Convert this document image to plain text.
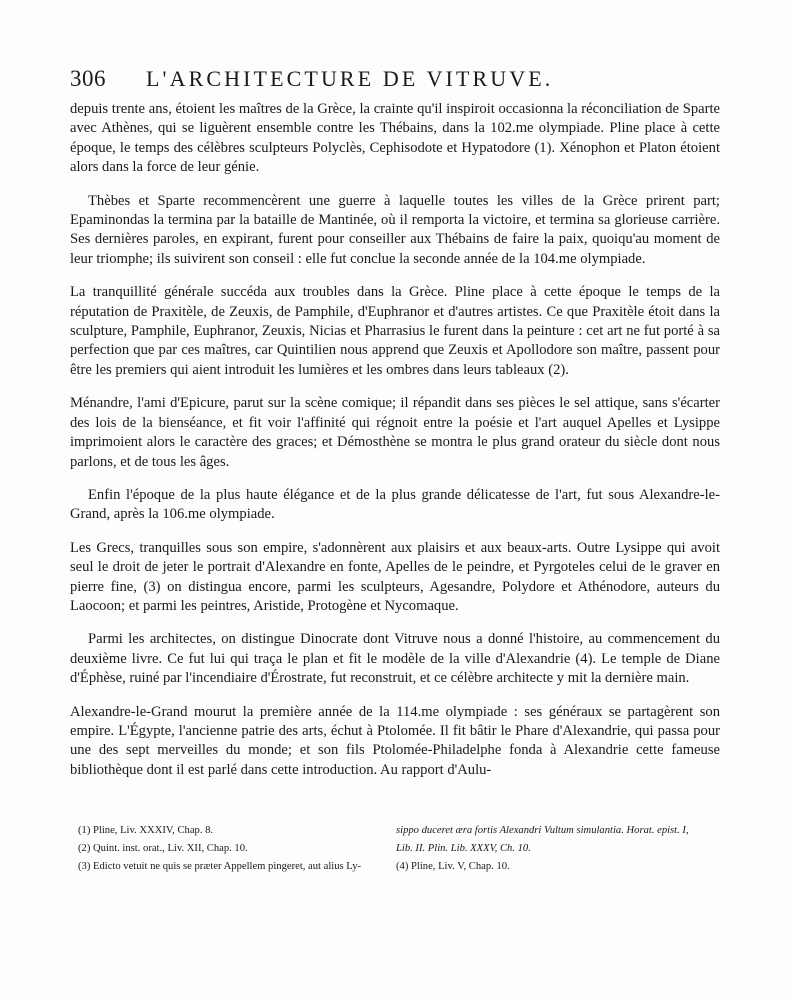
306 L'ARCHITECTURE DE VITRUVE.

depuis trente ans, étoient les maîtres de la Grèce, la crainte qu'il inspiroit occasionna la réconciliation de Sparte avec Athènes, qui se liguèrent ensemble contre les Thébains, dans la 102.me olympiade. Pline place à cette époque, le temps des célèbres sculpteurs Polyclès, Cephisodote et Hypatodore (1). Xénophon et Platon étoient alors dans la force de leur génie.

Thèbes et Sparte recommencèrent une guerre à laquelle toutes les villes de la Grèce prirent part; Epaminondas la termina par la bataille de Mantinée, où il remporta la victoire, et termina sa glorieuse carrière. Ses dernières paroles, en expirant, furent pour conseiller aux Thébains de faire la paix, quoiqu'au moment de leur triomphe; ils suivirent son conseil : elle fut conclue la seconde année de la 104.me olympiade.

La tranquillité générale succéda aux troubles dans la Grèce. Pline place à cette époque le temps de la réputation de Praxitèle, de Zeuxis, de Pamphile, d'Euphranor et d'autres artistes. Ce que Praxitèle étoit dans la sculpture, Pamphile, Euphranor, Zeuxis, Nicias et Pharrasius le furent dans la peinture : cet art ne fut porté à sa perfection que par ces maîtres, car Quintilien nous apprend que Zeuxis et Apollodore son maître, passent pour être les premiers qui aient introduit les lumières et les ombres dans leurs tableaux (2).

Ménandre, l'ami d'Epicure, parut sur la scène comique; il répandit dans ses pièces le sel attique, sans s'écarter des lois de la bienséance, et fit voir l'affinité qui régnoit entre la poésie et l'art auquel Apelles et Lysippe imprimoient alors le caractère des graces; et Démosthène se montra le plus grand orateur du siècle dont nous parlons, et de tous les âges.

Enfin l'époque de la plus haute élégance et de la plus grande délicatesse de l'art, fut sous Alexandre-le-Grand, après la 106.me olympiade.

Les Grecs, tranquilles sous son empire, s'adonnèrent aux plaisirs et aux beaux-arts. Outre Lysippe qui avoit seul le droit de jeter le portrait d'Alexandre en fonte, Apelles de le peindre, et Pyrgoteles celui de le graver en pierre fine, (3) on distingua encore, parmi les sculpteurs, Agesandre, Polydore et Athénodore, auteurs du Laocoon; et parmi les peintres, Aristide, Protogène et Nycomaque.

Parmi les architectes, on distingue Dinocrate dont Vitruve nous a donné l'histoire, au commencement du deuxième livre. Ce fut lui qui traça le plan et fit le modèle de la ville d'Alexandrie (4). Le temple de Diane d'Éphèse, ruiné par l'incendiaire d'Érostrate, fut reconstruit, et ce célèbre architecte y mit la dernière main.

Alexandre-le-Grand mourut la première année de la 114.me olympiade : ses généraux se partagèrent son empire. L'Égypte, l'ancienne patrie des arts, échut à Ptolomée. Il fit bâtir le Phare d'Alexandrie, qui passa pour une des sept merveilles du monde; et son fils Ptolomée-Philadelphe fonda à Alexandrie cette fameuse bibliothèque dont il est parlé dans cette introduction. Au rapport d'Aulu-

(1) Pline, Liv. XXXIV, Chap. 8.
(2) Quint. inst. orat., Liv. XII, Chap. 10.
(3) Edicto vetuit ne quis se præter Appellem pingeret, aut alius Ly-
sippo duceret æra fortis Alexandri Vultum simulantia. Horat. epist. I,
Lib. II. Plin. Lib. XXXV, Ch. 10.
(4) Pline, Liv. V, Chap. 10.
